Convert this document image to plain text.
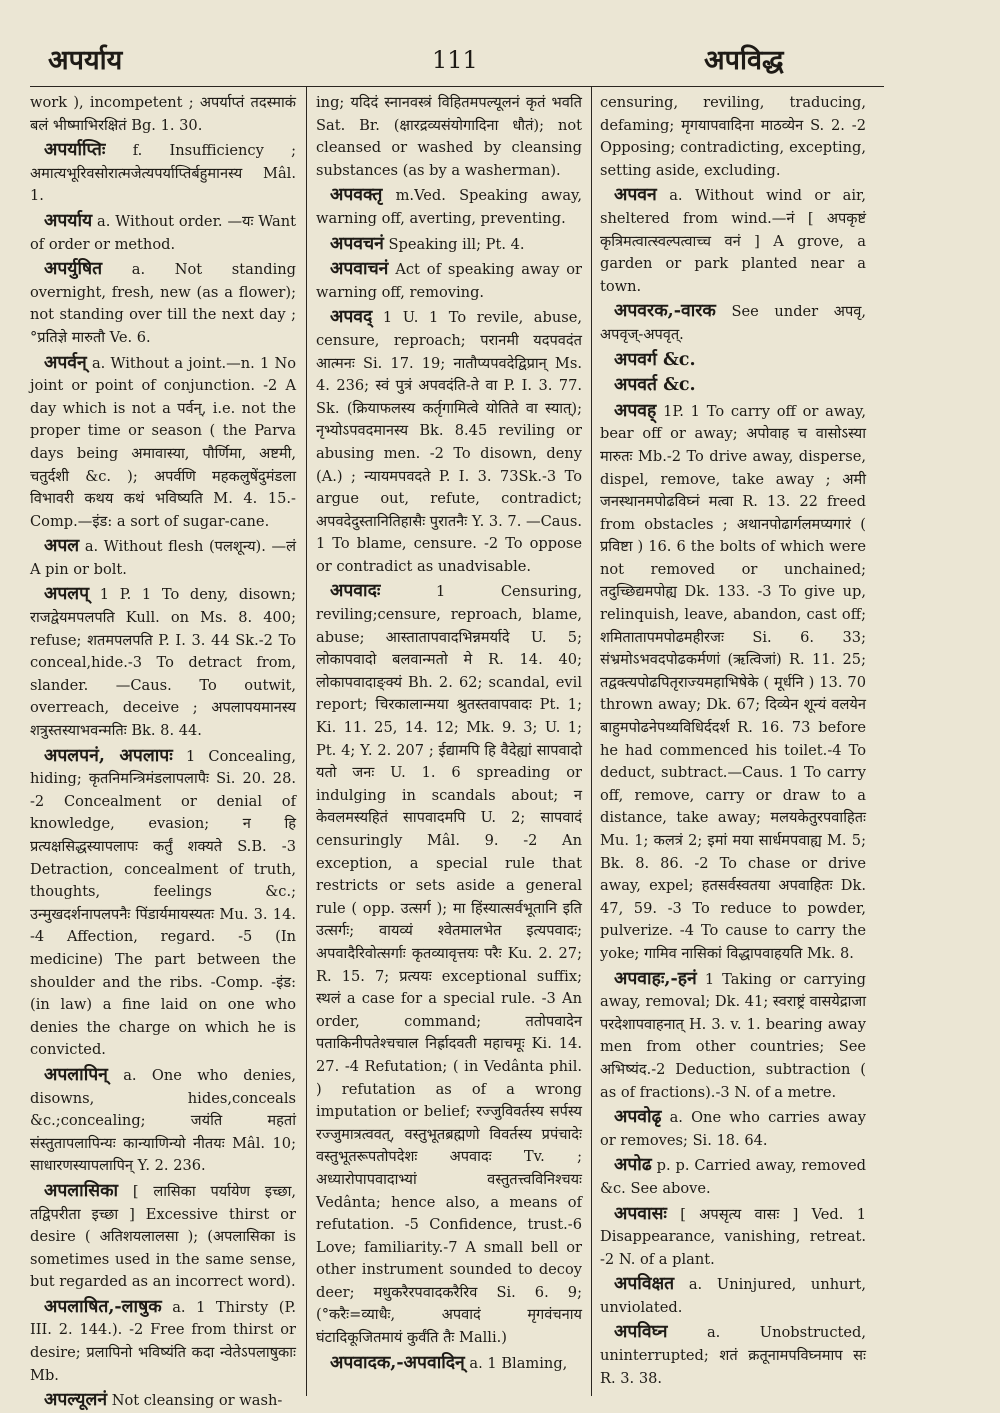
अपर्याय	111	अपविद्ध
work ), incompetent ; अपर्याप्तं तदस्माकं बलं भीष्माभिरक्षितं Bg. 1. 30.
अपर्याप्तिः f. Insufficiency ; अमात्यभूरिवसोरात्मजेत्यपर्याप्तिर्बहुमानस्य Mâl. 1.
अपर्याय a. Without order. —यः Want of order or method.
अपर्युषित a. Not standing overnight, fresh, new (as a flower); not standing over till the next day ; °प्रतिज्ञे मारुतौ Ve. 6.
अपर्वन् a. Without a joint.—n. 1 No joint or point of conjunction. -2 A day which is not a पर्वन्, i.e. not the proper time or season ( the Parva days being अमावास्या, पौर्णिमा, अष्टमी, चतुर्दशी &c. ); अपर्वणि महकलुषेंदुमंडला विभावरी कथय कथं भविष्यति M. 4. 15.-Comp.—इंड: a sort of sugar-cane.
अपल a. Without flesh (पलशून्य). —लं A pin or bolt.
अपलप् 1 P. 1 To deny, disown; राजद्वेयमपलपति Kull. on Ms. 8. 400; refuse; शतमपलपति P. I. 3. 44 Sk.-2 To conceal,hide.-3 To detract from, slander. —Caus. To outwit, overreach, deceive ; अपलापयमानस्य शत्रुस्तस्याभवन्मतिः Bk. 8. 44.
अपलपनं, अपलापः 1 Concealing, hiding; कृतनिमन्त्रिमंडलापलापैः Si. 20. 28. -2 Concealment or denial of knowledge, evasion; न हि प्रत्यक्षसिद्धस्यापलापः कर्तुं शक्यते S.B. -3 Detraction, concealment of truth, thoughts, feelings &c.; उन्मुखदर्शनापलपनैः पिंडार्यमायस्यतः Mu. 3. 14. -4 Affection, regard. -5 (In medicine) The part between the shoulder and the ribs. -Comp. -इंड: (in law) a fine laid on one who denies the charge on which he is convicted.
अपलापिन् a. One who denies, disowns, hides,conceals &c.;concealing; जयंति महतां संस्तुतापलापिन्यः कान्याणिन्यो नीतयः Mâl. 10; साधारणस्यापलापिन् Y. 2. 236.
अपलासिका [ लासिका पर्यायेण इच्छा, तद्विपरीता इच्छा ] Excessive thirst or desire ( अतिशयलालसा ); (अपलासिका is sometimes used in the same sense, but regarded as an incorrect word).
अपलाषित,-लाषुक a. 1 Thirsty (P. III. 2. 144.). -2 Free from thirst or desire; प्रलापिनो भविष्यंति कदा न्वेतेऽपलाषुकाः Mb.
अपल्यूलनं Not cleansing or wash-
ing; यदिदं स्नानवस्त्रं विहितमपल्यूलनं कृतं भवति Sat. Br. (क्षारद्रव्यसंयोगादिना धौतं); not cleansed or washed by cleansing substances (as by a washerman).
अपवक्तृ m.Ved. Speaking away, warning off, averting, preventing.
अपवचनं Speaking ill; Pt. 4.
अपवाचनं Act of speaking away or warning off, removing.
अपवद् 1 U. 1 To revile, abuse, censure, reproach; परानमी यदपवदंत आत्मनः Si. 17. 19; नातौप्यपवदेद्विप्रान् Ms. 4. 236; स्वं पुत्रं अपवदंति-ते वा P. I. 3. 77. Sk. (क्रियाफलस्य कर्तृगामित्वे योतिते वा स्यात्); नृभ्योऽपवदमानस्य Bk. 8.45 reviling or abusing men. -2 To disown, deny (A.) ; न्यायमपवदते P. I. 3. 73Sk.-3 To argue out, refute, contradict; अपवदेदुस्तानितिहासैः पुरातनैः Y. 3. 7. —Caus. 1 To blame, censure. -2 To oppose or contradict as unadvisable.
अपवादः	1 Censuring, reviling;censure, reproach, blame, abuse; आस्तातापवादभिन्नमर्यादे U. 5; लोकापवादो बलवान्मतो मे R. 14. 40; लोकापवादाङ्क्यं Bh. 2. 62; scandal, evil report; चिरकालान्मया श्रुतस्तवापवादः Pt. 1; Ki. 11. 25, 14. 12; Mk. 9. 3; U. 1; Pt. 4; Y. 2. 207 ; ईद्यामपि हि वैदेह्यां सापवादो यतो जनः U. 1. 6 spreading or indulging in scandals about; न केवलमस्यहितं सापवादमपि U. 2; सापवादं censuringly Mâl. 9. -2 An exception, a special rule that restricts or sets aside a general rule ( opp. उत्सर्ग ); मा हिंस्यात्सर्वभूतानि इति उत्सर्गः; वायव्यं श्वेतमालभेत इत्यपवादः; अपवादैरिवोत्सर्गाः कृतव्यावृत्तयः परैः Ku. 2. 27; R. 15. 7; प्रत्ययः exceptional suffix; स्थलं a case for a special rule. -3 An order, command; ततोपवादेन पताकिनीपतेश्चचाल निर्ह्रादवती महाचमूः Ki. 14. 27. -4 Refutation; ( in Vedânta phil. ) refutation as of a wrong imputation or belief; रज्जुविवर्तस्य सर्पस्य रज्जुमात्रत्ववत्, वस्तुभूतब्रह्मणो विवर्तस्य प्रपंचादेः वस्तुभूतरूपतोपदेशः अपवादः Tv. ; अध्यारोपापवादाभ्यां वस्तुतत्त्वविनिश्चयः Vedânta; hence also, a means of refutation. -5 Confidence, trust.-6 Love; familiarity.-7 A small bell or other instrument sounded to decoy deer; मधुकरैरपवादकरैरिव Si. 6. 9; (°करैः=व्याधैः, अपवादं मृगवंचनाय घंटादिकूजितमायं कुर्वंति तैः Malli.)
अपवादक,-अपवादिन् a. 1 Blaming,
censuring, reviling, traducing, defaming; मृगयापवादिना माठव्येन S. 2. -2 Opposing; contradicting, excepting, setting aside, excluding.
अपवन a. Without wind or air, sheltered from wind.—नं [ अपकृष्टं कृत्रिमत्वात्स्वल्पत्वाच्च वनं ] A grove, a garden or park planted near a town.
अपवरक,-वारक See under अपवृ, अपवृज्-अपवृत्.
अपवर्ग &c.
अपवर्त &c.
अपवह् 1P. 1 To carry off or away, bear off or away; अपोवाह च वासोऽस्या मारुतः Mb.-2 To drive away, disperse, dispel, remove, take away ; अमी जनस्थानमपोढविघ्नं मत्वा R. 13. 22 freed from obstacles ; अथानपोढार्गलमप्यगारं ( प्रविष्टा ) 16. 6 the bolts of which were not removed or unchained; तदुच्छिद्यमपोह्य Dk. 133. -3 To give up, relinquish, leave, abandon, cast off; शमितातापमपोढमहीरजः Si. 6. 33; संभ्रमोऽभवदपोढकर्मणां (ऋत्विजां) R. 11. 25; तद्वक्त्यपोढपितृराज्यमहाभिषेके ( मूर्धनि ) 13. 70 thrown away; Dk. 67; दिव्येन शून्यं वलयेन बाहुमपोढनेपथ्यविधिर्ददर्श R. 16. 73 before he had commenced his toilet.-4 To deduct, subtract.—Caus. 1 To carry off, remove, carry or draw to a distance, take away; मलयकेतुरपवाहितः Mu. 1; कलत्रं 2; इमां मया सार्धमपवाह्य M. 5; Bk. 8. 86. -2 To chase or drive away, expel; हतसर्वस्वतया अपवाहितः Dk. 47, 59. -3 To reduce to powder, pulverize. -4 To cause to carry the yoke; गामिव नासिकां विद्धापवाहयति Mk. 8.
अपवाहः,-हनं 1 Taking or carrying away, removal; Dk. 41; स्वराष्ट्रं वासयेद्राजा परदेशापवाहनात् H. 3. v. 1. bearing away men from other countries; See अभिष्यंद.-2 Deduction, subtraction ( as of fractions).-3 N. of a metre.
अपवोढृ a. One who carries away or removes; Si. 18. 64.
अपोढ p. p. Carried away, removed &c. See above.
अपवासः [ अपसृत्य वासः ] Ved. 1 Disappearance, vanishing, retreat. -2 N. of a plant.
अपविक्षत a. Uninjured, unhurt, unviolated.
अपविघ्न	a. Unobstructed, uninterrupted; शतं क्रतूनामपविघ्नमाप सः R. 3. 38.
